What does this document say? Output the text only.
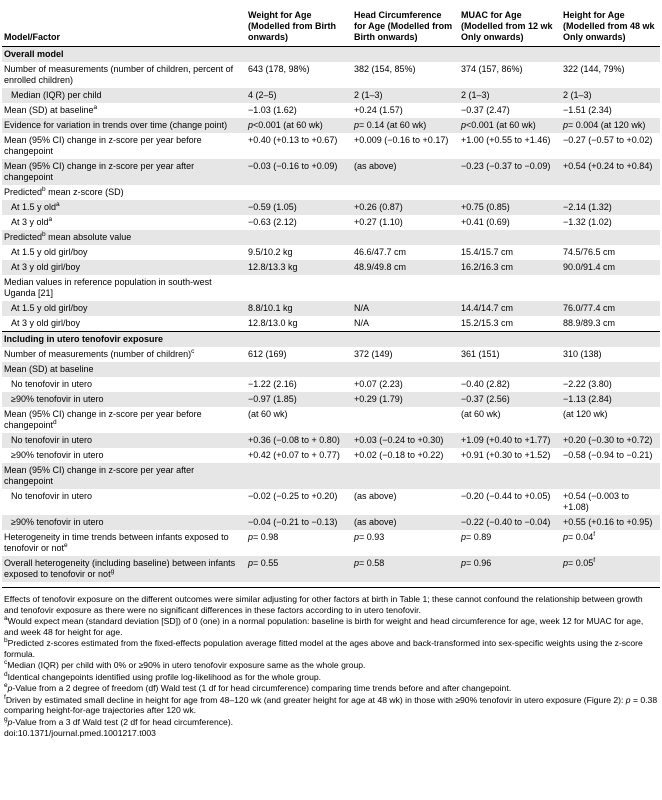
Model/Factor	Weight for Age (Modelled from Birth onwards)	Head Circumference for Age (Modelled from Birth onwards)	MUAC for Age (Modelled from 12 wk Only onwards)	Height for Age (Modelled from 48 wk Only onwards)
Overall model				
Number of measurements (number of children, percent of enrolled children)	643 (178, 98%)	382 (154, 85%)	374 (157, 86%)	322 (144, 79%)
Median (IQR) per child	4 (2–5)	2 (1–3)	2 (1–3)	2 (1–3)
Mean (SD) at baseline$^a$	−1.03 (1.62)	+0.24 (1.57)	−0.37 (2.47)	−1.51 (2.34)
Evidence for variation in trends over time (change point)	p<0.001 (at 60 wk)	p= 0.14 (at 60 wk)	p<0.001 (at 60 wk)	p= 0.004 (at 120 wk)
Mean (95% CI) change in z-score per year before changepoint	+0.40 (+0.13 to +0.67)	+0.009 (−0.16 to +0.17)	+1.00 (+0.55 to +1.46)	−0.27 (−0.57 to +0.02)
Mean (95% CI) change in z-score per year after changepoint	−0.03 (−0.16 to +0.09)	(as above)	−0.23 (−0.37 to −0.09)	+0.54 (+0.24 to +0.84)
Predicted$^b$ mean z-score (SD)				
At 1.5 y old$^a$	−0.59 (1.05)	+0.26 (0.87)	+0.75 (0.85)	−2.14 (1.32)
At 3 y old$^a$	−0.63 (2.12)	+0.27 (1.10)	+0.41 (0.69)	−1.32 (1.02)
Predicted$^b$ mean absolute value				
At 1.5 y old girl/boy	9.5/10.2 kg	46.6/47.7 cm	15.4/15.7 cm	74.5/76.5 cm
At 3 y old girl/boy	12.8/13.3 kg	48.9/49.8 cm	16.2/16.3 cm	90.0/91.4 cm
Median values in reference population in south-west Uganda [21]				
At 1.5 y old girl/boy	8.8/10.1 kg	N/A	14.4/14.7 cm	76.0/77.4 cm
At 3 y old girl/boy	12.8/13.0 kg	N/A	15.2/15.3 cm	88.9/89.3 cm
Including in utero tenofovir exposure				
Number of measurements (number of children)$^c$	612 (169)	372 (149)	361 (151)	310 (138)
Mean (SD) at baseline				
No tenofovir in utero	−1.22 (2.16)	+0.07 (2.23)	−0.40 (2.82)	−2.22 (3.80)
≥90% tenofovir in utero	−0.97 (1.85)	+0.29 (1.79)	−0.37 (2.56)	−1.13 (2.84)
Mean (95% CI) change in z-score per year before changepoint$^d$	(at 60 wk)		(at 60 wk)	(at 120 wk)
No tenofovir in utero	+0.36 (−0.08 to + 0.80)	+0.03 (−0.24 to +0.30)	+1.09 (+0.40 to +1.77)	+0.20 (−0.30 to +0.72)
≥90% tenofovir in utero	+0.42 (+0.07 to + 0.77)	+0.02 (−0.18 to +0.22)	+0.91 (+0.30 to +1.52)	−0.58 (−0.94 to −0.21)
Mean (95% CI) change in z-score per year after changepoint				
No tenofovir in utero	−0.02 (−0.25 to +0.20)	(as above)	−0.20 (−0.44 to +0.05)	+0.54 (−0.003 to +1.08)
≥90% tenofovir in utero	−0.04 (−0.21 to −0.13)	(as above)	−0.22 (−0.40 to −0.04)	+0.55 (+0.16 to +0.95)
Heterogeneity in time trends between infants exposed to tenofovir or not$^e$	p= 0.98	p= 0.93	p= 0.89	p= 0.04$^f$
Overall heterogeneity (including baseline) between infants exposed to tenofovir or not$^g$	p= 0.55	p= 0.58	p= 0.96	p= 0.05$^f$

Effects of tenofovir exposure on the different outcomes were similar adjusting for other factors at birth in Table 1; these cannot confound the relationship between growth and tenofovir exposure as there were no significant differences in these factors according to in utero tenofovir.

$^a$Would expect mean (standard deviation [SD]) of 0 (one) in a normal population: baseline is birth for weight and head circumference for age, week 12 for MUAC for age, and week 48 for height for age.

$^b$Predicted z-scores estimated from the fixed-effects population average fitted model at the ages above and back-transformed into sex-specific weights using the z-score formula.

$^c$Median (IQR) per child with 0% or ≥90% in utero tenofovir exposure same as the whole group.

$^d$Identical changepoints identified using profile log-likelihood as for the whole group.

$^e$p-Value from a 2 degree of freedom (df) Wald test (1 df for head circumference) comparing time trends before and after changepoint.

$^f$Driven by estimated small decline in height for age from 48–120 wk (and greater height for age at 48 wk) in those with ≥90% tenofovir in utero exposure (Figure 2): p = 0.38 comparing height-for-age trajectories after 120 wk.

$^g$p-Value from a 3 df Wald test (2 df for head circumference).

doi:10.1371/journal.pmed.1001217.t003
